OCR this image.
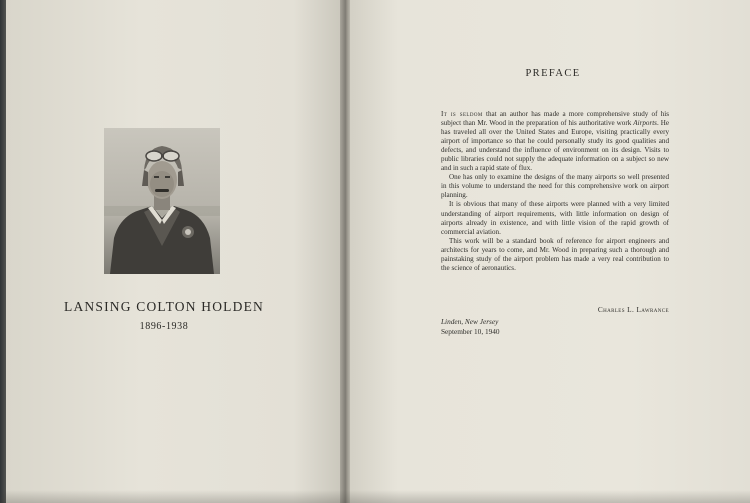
LANSING COLTON HOLDEN
1896-1938
PREFACE

It is seldom that an author has made a more comprehensive study of his subject than Mr. Wood in the preparation of his authoritative work Airports. He has traveled all over the United States and Europe, visiting practically every airport of importance so that he could personally study its good qualities and defects, and understand the influence of environment on its design. Visits to public libraries could not supply the adequate information on a subject so new and in such a rapid state of flux.

One has only to examine the designs of the many airports so well presented in this volume to understand the need for this comprehensive work on airport planning.

It is obvious that many of these airports were planned with a very limited understanding of airport requirements, with little information on design of airports already in existence, and with little vision of the rapid growth of commercial aviation.

This work will be a standard book of reference for airport engineers and architects for years to come, and Mr. Wood in preparing such a thorough and painstaking study of the airport problem has made a very real contribution to the science of aeronautics.

Charles L. Lawrance
Linden, New Jersey
September 10, 1940
